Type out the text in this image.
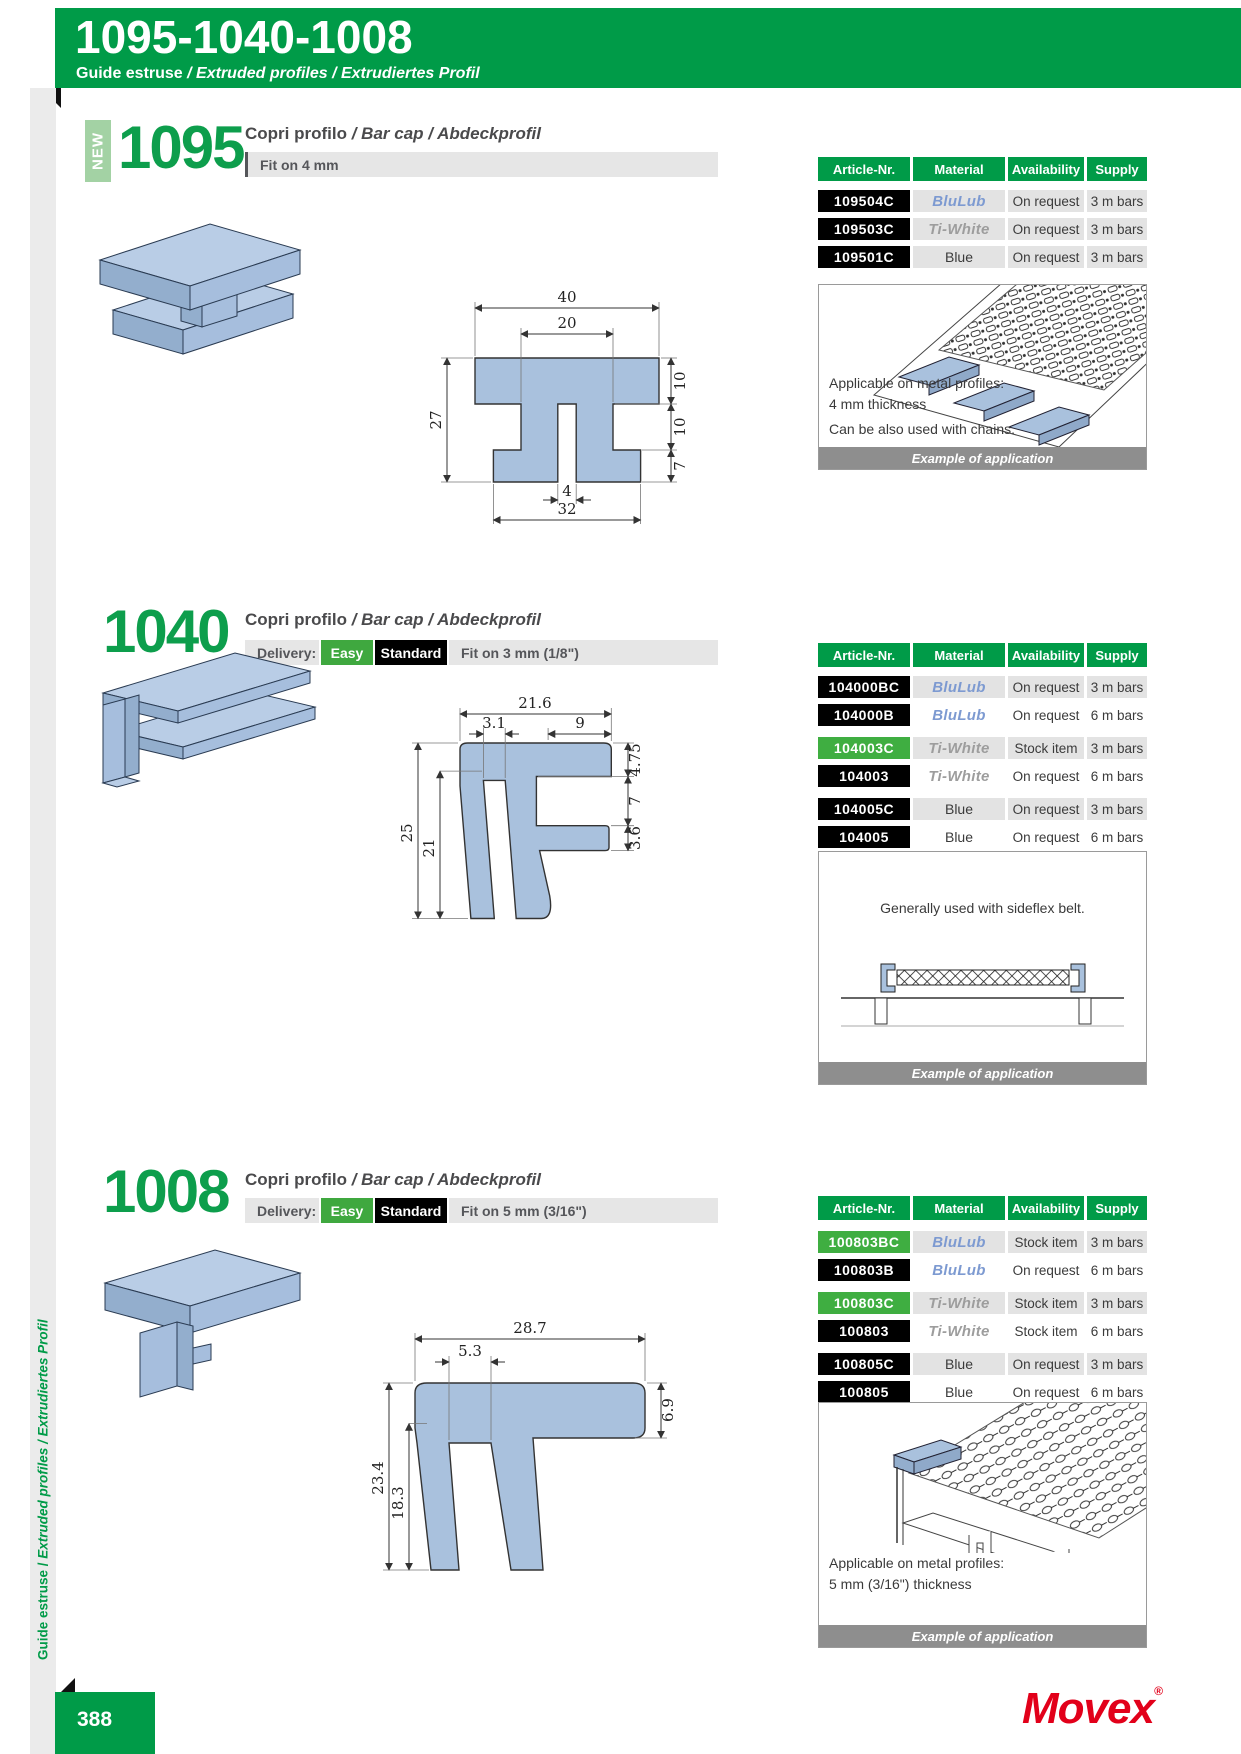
1095-1040-1008
Guide estruse / Extruded profiles / Extrudiertes Profil
Guide estruse / Extruded profiles / Extrudiertes Profil
NEW 1095 Copri profilo / Bar cap / Abdeckprofil
Fit on 4 mm
40
20
27
10
10
7
4
32
Article-Nr.	Material	Availability	Supply
109504C	BluLub	On request 3 m bars
109503C	Ti-White	On request 3 m bars
109501C	Blue	On request 3 m bars
Applicable on metal profiles:
4 mm thickness
Can be also used with chains.
Example of application
1040 Copri profilo / Bar cap / Abdeckprofil
Delivery:	Easy	Standard	Fit on 3 mm (1/8")
21.6
3.1	9
25
21
4.75
7
3.6
Article-Nr.	Material	Availability	Supply
104000BC	BluLub	On request 3 m bars
104000B	BluLub	On request 6 m bars
104003C	Ti-White	Stock item 3 m bars
104003	Ti-White	On request 6 m bars
104005C	Blue	On request 3 m bars
104005	Blue	On request 6 m bars
Generally used with sideflex belt.
Example of application
1008 Copri profilo / Bar cap / Abdeckprofil
Delivery:	Easy	Standard	Fit on 5 mm (3/16")
28.7
5.3
23.4
18.3
6.9
Article-Nr.	Material	Availability	Supply
100803BC	BluLub	Stock item 3 m bars
100803B	BluLub	On request 6 m bars
100803C	Ti-White	Stock item 3 m bars
100803	Ti-White	Stock item 6 m bars
100805C	Blue	On request 3 m bars
100805	Blue	On request 6 m bars
Applicable on metal profiles:
5 mm (3/16") thickness
Example of application
388	Movex®
